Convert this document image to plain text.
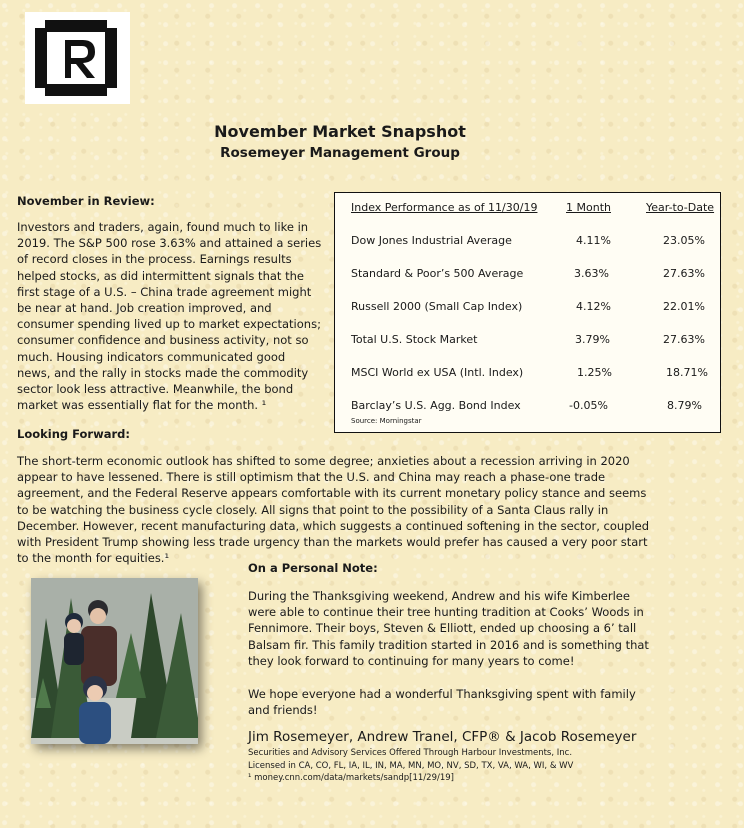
November Market Snapshot
Rosemeyer Management Group
November in Review:
Investors and traders, again, found much to like in 2019. The S&P 500 rose 3.63% and attained a series of record closes in the process. Earnings results helped stocks, as did intermittent signals that the first stage of a U.S. – China trade agreement might be near at hand. Job creation improved, and consumer spending lived up to market expectations; consumer confidence and business activity, not so much. Housing indicators communicated good news, and the rally in stocks made the commodity sector look less attractive. Meanwhile, the bond market was essentially flat for the month. ¹
Index Performance as of 11/30/19	1 Month	Year-to-Date
Dow Jones Industrial Average	4.11%	23.05%
Standard & Poor’s 500 Average	3.63%	27.63%
Russell 2000 (Small Cap Index)	4.12%	22.01%
Total U.S. Stock Market	3.79%	27.63%
MSCI World ex USA (Intl. Index)	1.25%	18.71%
Barclay’s U.S. Agg. Bond Index	-0.05%	8.79%
Source: Morningstar
Looking Forward:
The short-term economic outlook has shifted to some degree; anxieties about a recession arriving in 2020 appear to have lessened. There is still optimism that the U.S. and China may reach a phase-one trade agreement, and the Federal Reserve appears comfortable with its current monetary policy stance and seems to be watching the business cycle closely. All signs that point to the possibility of a Santa Claus rally in December. However, recent manufacturing data, which suggests a continued softening in the sector, coupled with President Trump showing less trade urgency than the markets would prefer has caused a very poor start to the month for equities.¹
On a Personal Note:
During the Thanksgiving weekend, Andrew and his wife Kimberlee were able to continue their tree hunting tradition at Cooks’ Woods in Fennimore. Their boys, Steven & Elliott, ended up choosing a 6’ tall Balsam fir. This family tradition started in 2016 and is something that they look forward to continuing for many years to come!
We hope everyone had a wonderful Thanksgiving spent with family and friends!
Jim Rosemeyer, Andrew Tranel, CFP® & Jacob Rosemeyer
Securities and Advisory Services Offered Through Harbour Investments, Inc.
Licensed in CA, CO, FL, IA, IL, IN, MA, MN, MO, NV, SD, TX, VA, WA, WI, & WV
¹ money.cnn.com/data/markets/sandp[11/29/19]
